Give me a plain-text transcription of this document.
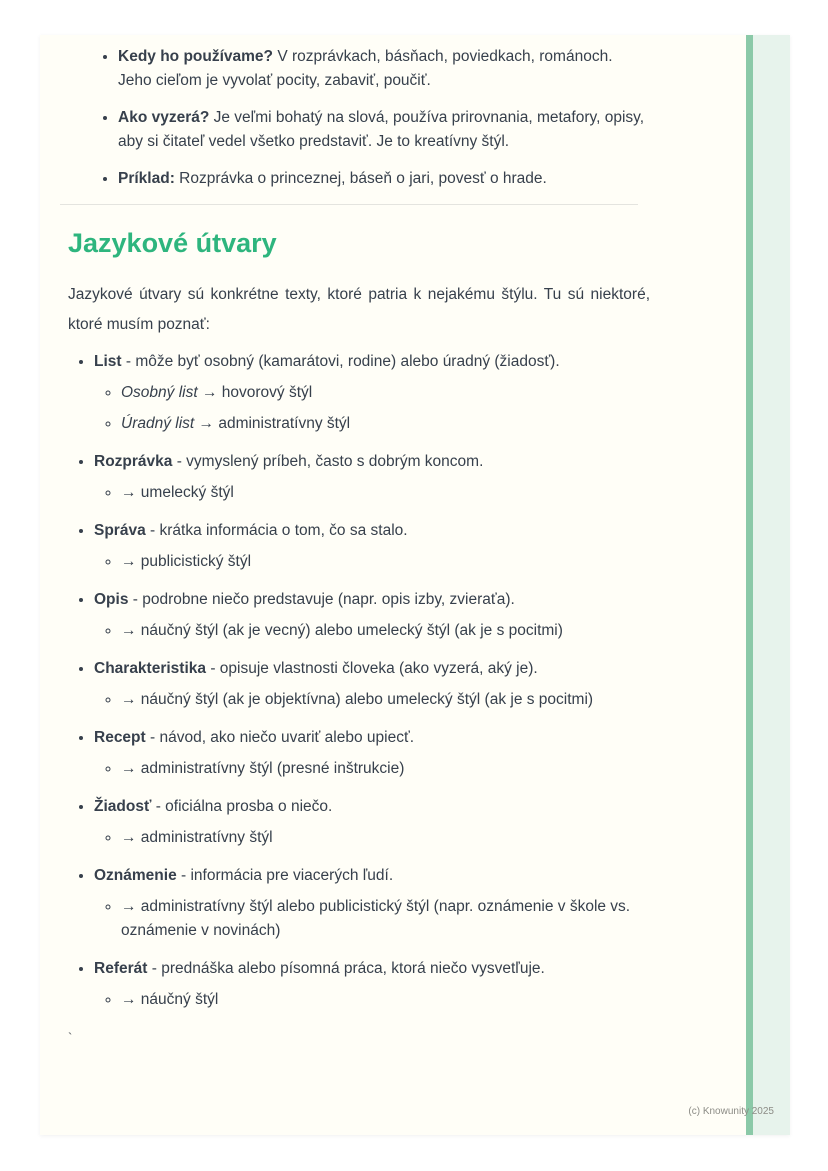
• Kedy ho používame? V rozprávkach, básňach, poviedkach, románoch. Jeho cieľom je vyvolať pocity, zabaviť, poučiť.
• Ako vyzerá? Je veľmi bohatý na slová, používa prirovnania, metafory, opisy, aby si čitateľ vedel všetko predstaviť. Je to kreatívny štýl.
• Príklad: Rozprávka o princeznej, báseň o jari, povesť o hrade.
Jazykové útvary

Jazykové útvary sú konkrétne texty, ktoré patria k nejakému štýlu. Tu sú niektoré, ktoré musím poznať:

• List - môže byť osobný (kamarátovi, rodine) alebo úradný (žiadosť).
◦ Osobný list → hovorový štýl
◦ Úradný list → administratívny štýl
• Rozprávka - vymyslený príbeh, často s dobrým koncom.
◦ → umelecký štýl
• Správa - krátka informácia o tom, čo sa stalo.
◦ → publicistický štýl
• Opis - podrobne niečo predstavuje (napr. opis izby, zvieraťa).
◦ → náučný štýl (ak je vecný) alebo umelecký štýl (ak je s pocitmi)
• Charakteristika - opisuje vlastnosti človeka (ako vyzerá, aký je).
◦ → náučný štýl (ak je objektívna) alebo umelecký štýl (ak je s pocitmi)
• Recept - návod, ako niečo uvariť alebo upiecť.
◦ → administratívny štýl (presné inštrukcie)
• Žiadosť - oficiálna prosba o niečo.
◦ → administratívny štýl
• Oznámenie - informácia pre viacerých ľudí.
◦ → administratívny štýl alebo publicistický štýl (napr. oznámenie v škole vs. oznámenie v novinách)
• Referát - prednáška alebo písomná práca, ktorá niečo vysvetľuje.
◦ → náučný štýl
`
(c) Knowunity 2025
